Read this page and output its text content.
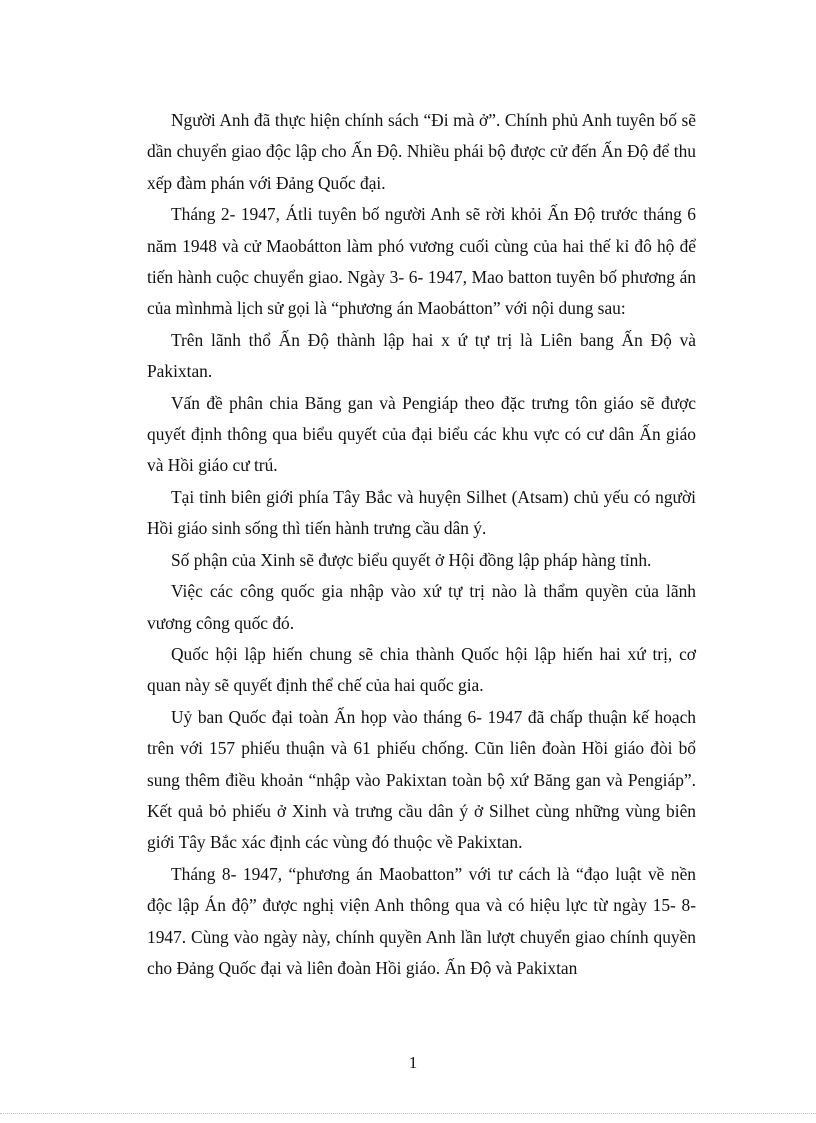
Người Anh đã thực hiện chính sách “Đi mà ở”. Chính phủ Anh tuyên bố sẽ dần chuyển giao độc lập cho Ấn Độ. Nhiều phái bộ được cử đến Ấn Độ để thu xếp đàm phán với Đảng Quốc đại.

Tháng 2- 1947, Átli tuyên bố người Anh sẽ rời khỏi Ấn Độ trước tháng 6 năm 1948 và cử Maobátton làm phó vương cuối cùng của hai thế kỉ đô hộ để tiến hành cuộc chuyển giao. Ngày 3- 6- 1947, Mao batton tuyên bố phương án của mìnhmà lịch sử gọi là “phương án Maobátton” với nội dung sau:

Trên lãnh thổ Ấn Độ thành lập hai x ứ tự trị là Liên bang Ấn Độ và Pakixtan.

Vấn đề phân chia Băng gan và Pengiáp theo đặc trưng tôn giáo sẽ được quyết định thông qua biểu quyết của đại biểu các khu vực có cư dân Ấn giáo và Hồi giáo cư trú.

Tại tỉnh biên giới phía Tây Bắc và huyện Silhet (Atsam) chủ yếu có người Hồi giáo sinh sống thì tiến hành trưng cầu dân ý.

Số phận của Xinh sẽ được biểu quyết ở Hội đồng lập pháp hàng tỉnh.

Việc các công quốc gia nhập vào xứ tự trị nào là thẩm quyền của lãnh vương công quốc đó.

Quốc hội lập hiến chung sẽ chia thành Quốc hội lập hiến hai xứ trị, cơ quan này sẽ quyết định thể chế của hai quốc gia.

Uỷ ban Quốc đại toàn Ấn họp vào tháng 6- 1947 đã chấp thuận kế hoạch trên với 157 phiếu thuận và 61 phiếu chống. Cũn liên đoàn Hồi giáo đòi bổ sung thêm điều khoản “nhập vào Pakixtan toàn bộ xứ Băng gan và Pengiáp”. Kết quả bỏ phiếu ở Xinh và trưng cầu dân ý ở Silhet cùng những vùng biên giới Tây Bắc xác định các vùng đó thuộc về Pakixtan.

Tháng 8- 1947, “phương án Maobatton” với tư cách là “đạo luật về nền độc lập Án độ” được nghị viện Anh thông qua và có hiệu lực từ ngày 15- 8- 1947. Cùng vào ngày này, chính quyền Anh lần lượt chuyển giao chính quyền cho Đảng Quốc đại và liên đoàn Hồi giáo. Ấn Độ và Pakixtan

1
